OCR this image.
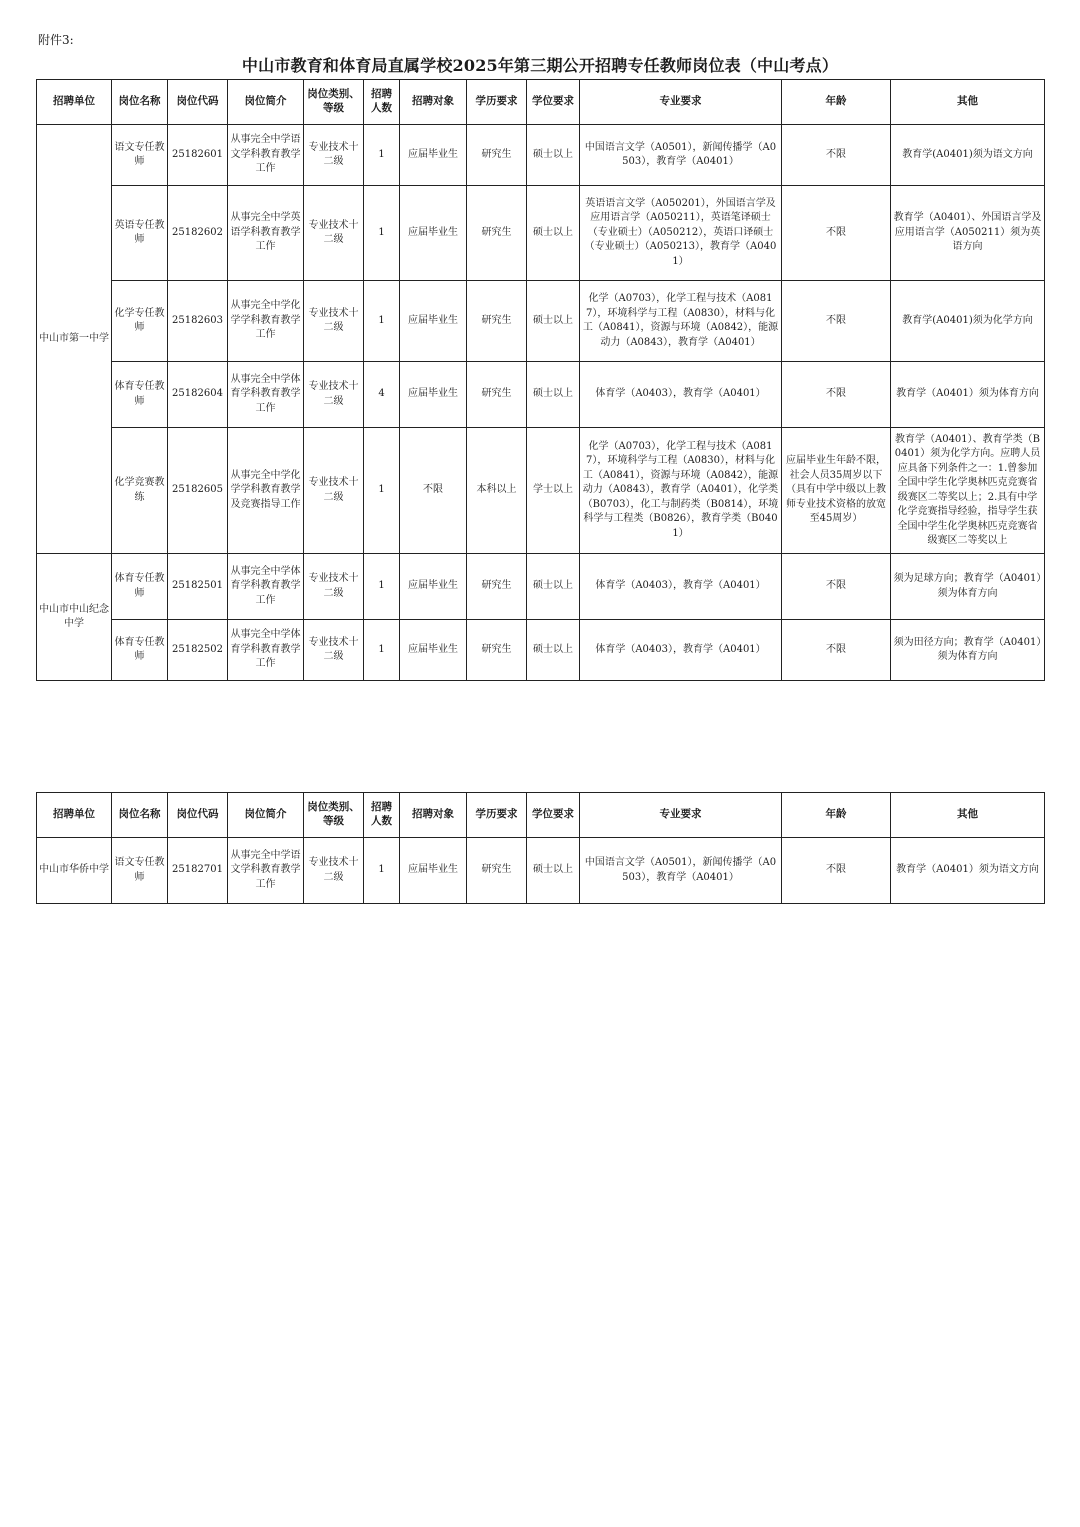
附件3:
中山市教育和体育局直属学校2025年第三期公开招聘专任教师岗位表（中山考点）
招聘单位	岗位名称	岗位代码	岗位简介	岗位类别、等级	招聘人数	招聘对象	学历要求	学位要求	专业要求	年龄	其他
中山市第一中学	语文专任教师	25182601	从事完全中学语文学科教育教学工作	专业技术十二级	1	应届毕业生	研究生	硕士以上	中国语言文学（A0501），新闻传播学（A0503），教育学（A0401）	不限	教育学(A0401)须为语文方向
	英语专任教师	25182602	从事完全中学英语学科教育教学工作	专业技术十二级	1	应届毕业生	研究生	硕士以上	英语语言文学（A050201），外国语言学及应用语言学（A050211），英语笔译硕士（专业硕士）（A050212），英语口译硕士（专业硕士）（A050213），教育学（A0401）	不限	教育学（A0401）、外国语言学及应用语言学（A050211）须为英语方向
	化学专任教师	25182603	从事完全中学化学学科教育教学工作	专业技术十二级	1	应届毕业生	研究生	硕士以上	化学（A0703），化学工程与技术（A0817），环境科学与工程（A0830），材料与化工（A0841），资源与环境（A0842），能源动力（A0843），教育学（A0401）	不限	教育学(A0401)须为化学方向
	体育专任教师	25182604	从事完全中学体育学科教育教学工作	专业技术十二级	4	应届毕业生	研究生	硕士以上	体育学（A0403），教育学（A0401）	不限	教育学（A0401）须为体育方向
	化学竞赛教练	25182605	从事完全中学化学学科教育教学及竞赛指导工作	专业技术十二级	1	不限	本科以上	学士以上	化学（A0703），化学工程与技术（A0817），环境科学与工程（A0830），材料与化工（A0841），资源与环境（A0842），能源动力（A0843），教育学（A0401），化学类（B0703），化工与制药类（B0814），环境科学与工程类（B0826），教育学类（B0401）	应届毕业生年龄不限，社会人员35周岁以下（具有中学中级以上教师专业技术资格的放宽至45周岁）	教育学（A0401）、教育学类（B0401）须为化学方向。应聘人员应具备下列条件之一：1.曾参加全国中学生化学奥林匹克竞赛省级赛区二等奖以上；2.具有中学化学竞赛指导经验，指导学生获全国中学生化学奥林匹克竞赛省级赛区二等奖以上
中山市中山纪念中学	体育专任教师	25182501	从事完全中学体育学科教育教学工作	专业技术十二级	1	应届毕业生	研究生	硕士以上	体育学（A0403），教育学（A0401）	不限	须为足球方向；教育学（A0401）须为体育方向
	体育专任教师	25182502	从事完全中学体育学科教育教学工作	专业技术十二级	1	应届毕业生	研究生	硕士以上	体育学（A0403），教育学（A0401）	不限	须为田径方向；教育学（A0401）须为体育方向
招聘单位	岗位名称	岗位代码	岗位简介	岗位类别、等级	招聘人数	招聘对象	学历要求	学位要求	专业要求	年龄	其他
中山市华侨中学	语文专任教师	25182701	从事完全中学语文学科教育教学工作	专业技术十二级	1	应届毕业生	研究生	硕士以上	中国语言文学（A0501），新闻传播学（A0503），教育学（A0401）	不限	教育学（A0401）须为语文方向
